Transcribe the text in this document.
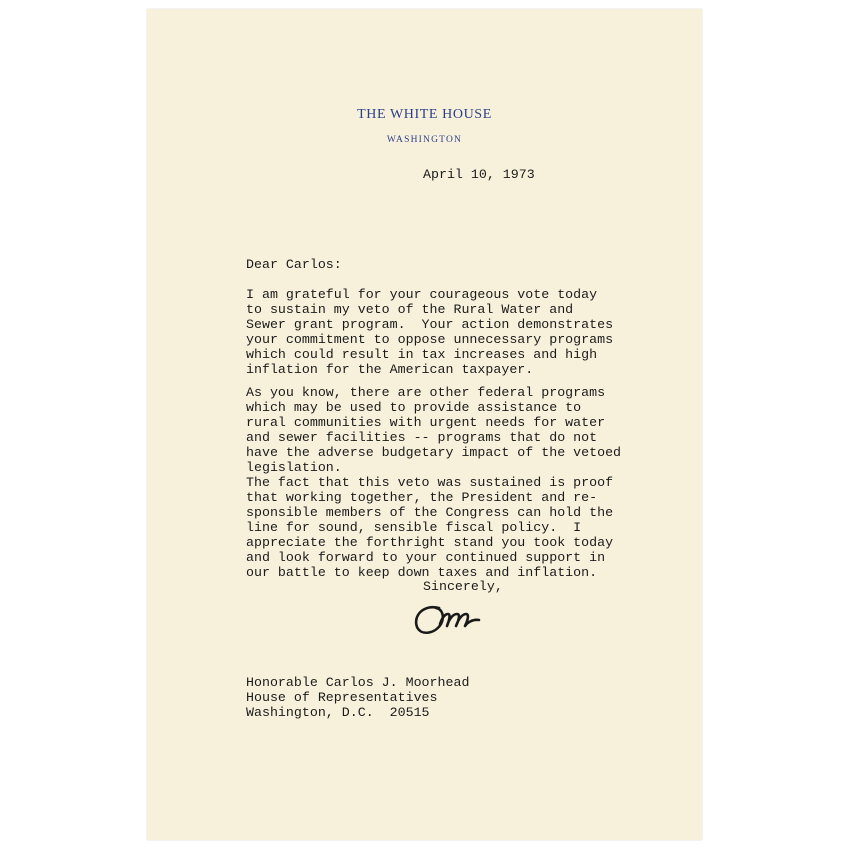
THE WHITE HOUSE
WASHINGTON
April 10, 1973
Dear Carlos:
I am grateful for your courageous vote today
to sustain my veto of the Rural Water and
Sewer grant program.  Your action demonstrates
your commitment to oppose unnecessary programs
which could result in tax increases and high
inflation for the American taxpayer.
As you know, there are other federal programs
which may be used to provide assistance to
rural communities with urgent needs for water
and sewer facilities -- programs that do not
have the adverse budgetary impact of the vetoed
legislation.
The fact that this veto was sustained is proof
that working together, the President and re-
sponsible members of the Congress can hold the
line for sound, sensible fiscal policy.  I
appreciate the forthright stand you took today
and look forward to your continued support in
our battle to keep down taxes and inflation.
Sincerely,
Honorable Carlos J. Moorhead
House of Representatives
Washington, D.C.  20515
